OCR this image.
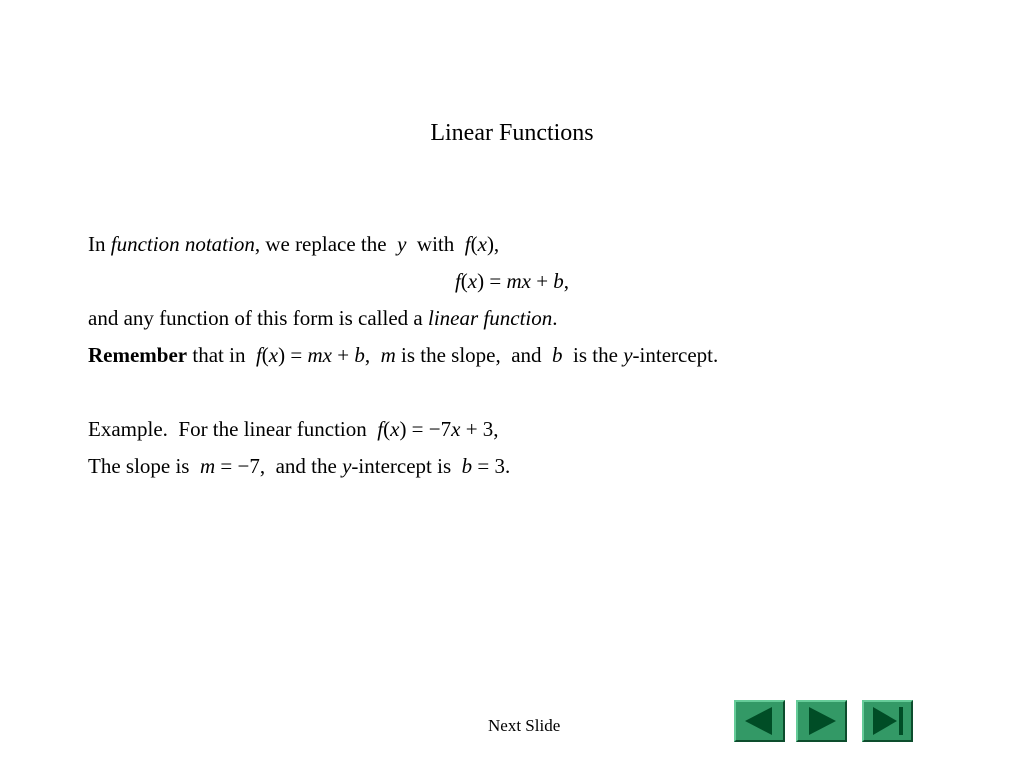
Linear Functions
In function notation, we replace the  y  with  f(x),
f(x) = mx + b,
and any function of this form is called a linear function.
Remember that in  f(x) = mx + b,  m is the slope,  and  b  is the y-intercept.
Example.  For the linear function  f(x) = −7x + 3,
The slope is  m = −7,  and the y-intercept is  b = 3.
Next Slide
